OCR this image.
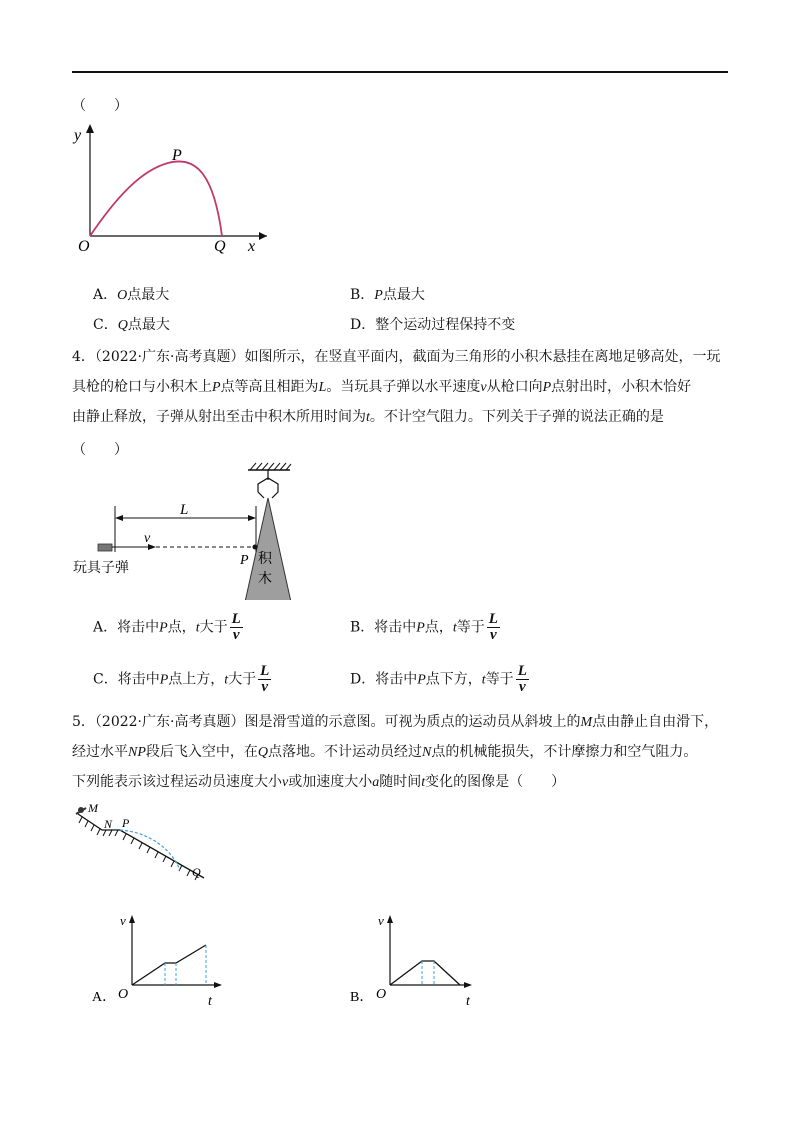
（　　）
y
x
O
P
Q
A．O点最大	B．P点最大
C．Q点最大	D．整个运动过程保持不变
4．（2022·广东·高考真题）如图所示，在竖直平面内，截面为三角形的小积木悬挂在离地足够高处，一玩
具枪的枪口与小积木上P点等高且相距为L。当玩具子弹以水平速度v从枪口向P点射出时，小积木恰好
由静止释放，子弹从射出至击中积木所用时间为t。不计空气阻力。下列关于子弹的说法正确的是
（　　）
积
木
L
v
P
玩具子弹
A．将击中P点，t大于 $\frac{L}{v}$	B．将击中P点，t等于 $\frac{L}{v}$
C．将击中P点上方，t大于 $\frac{L}{v}$	D．将击中P点下方，t等于 $\frac{L}{v}$
5．（2022·广东·高考真题）图是滑雪道的示意图。可视为质点的运动员从斜坡上的M点由静止自由滑下，
经过水平NP段后飞入空中，在Q点落地。不计运动员经过N点的机械能损失，不计摩擦力和空气阻力。
下列能表示该过程运动员速度大小v或加速度大小a随时间t变化的图像是（　　）
M
N P
Q
A．
v
O	t	B．
v
O	t
